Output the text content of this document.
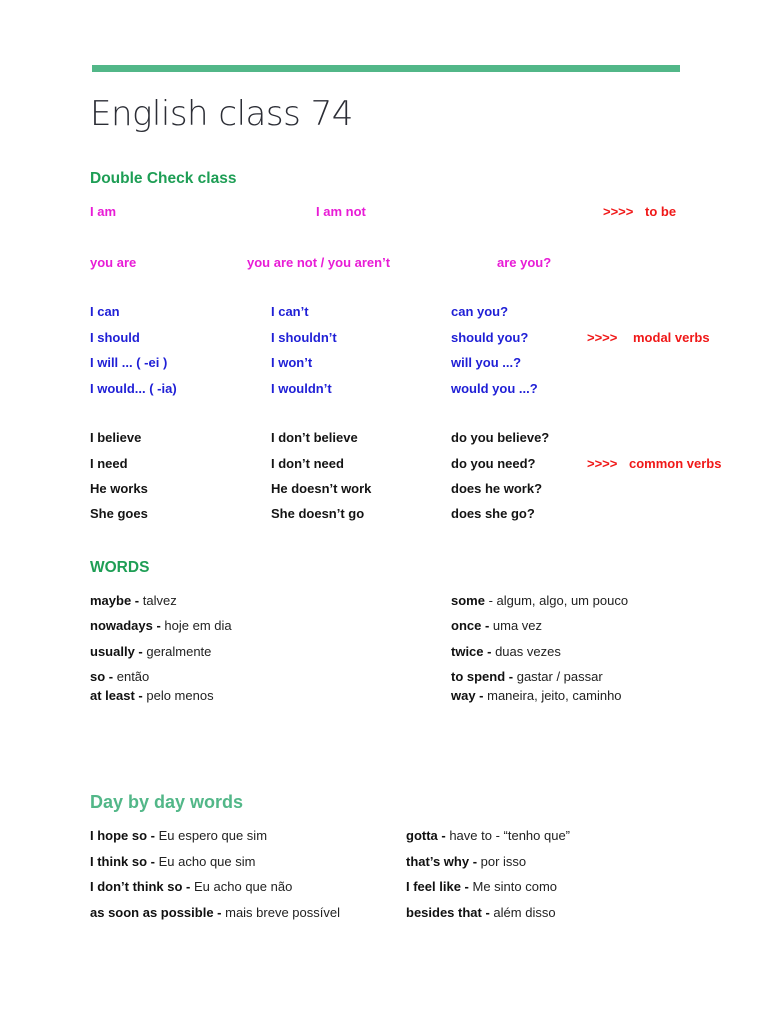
English class 74
Double Check class
I am	I am not	>>>> to be
you are	you are not / you aren’t	are you?
I can	I can’t	can you?
I should	I shouldn’t	should you?	>>>> modal verbs
I will ... ( -ei )	I won’t	will you ...?
I would... ( -ia)	I wouldn’t	would you ...?
I believe	I don’t believe	do you believe?
I need	I don’t need	do you need?	>>>> common verbs
He works	He doesn’t work	does he work?
She goes	She doesn’t go	does she go?
WORDS
maybe - talvez
nowadays - hoje em dia
usually - geralmente
so - então
at least - pelo menos
some - algum, algo, um pouco
once - uma vez
twice - duas vezes
to spend - gastar / passar
way - maneira, jeito, caminho
Day by day words
I hope so - Eu espero que sim
I think so - Eu acho que sim
I don’t think so - Eu acho que não
as soon as possible - mais breve possível
gotta - have to - “tenho que”
that’s why - por isso
I feel like - Me sinto como
besides that - além disso
